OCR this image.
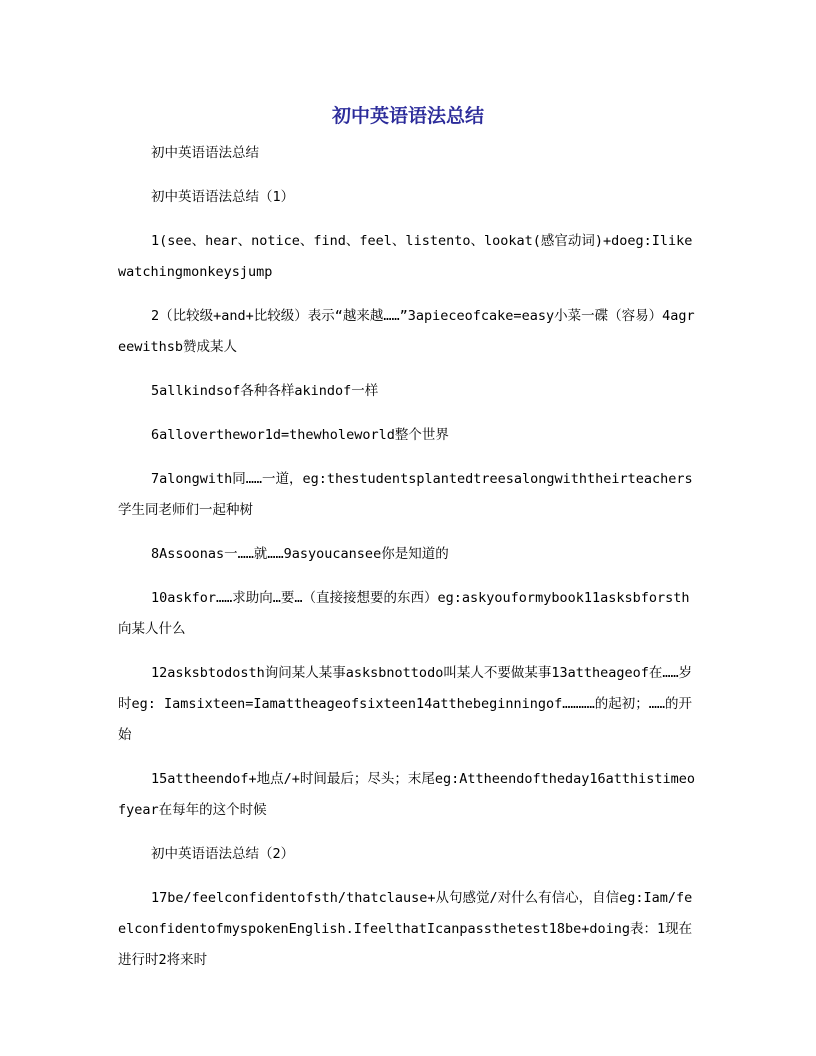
初中英语语法总结

初中英语语法总结

初中英语语法总结（1）

1(see、hear、notice、find、feel、listento、lookat(感官动词)+doeg:Ilikewatchingmonkeysjump

2（比较级+and+比较级）表示“越来越……”3apieceofcake=easy小菜一碟（容易）4agreewithsb赞成某人

5allkindsof各种各样akindof一样

6alloverthewor1d=thewholeworld整个世界

7alongwith同……一道，eg:thestudentsplantedtreesalongwiththeirteachers学生同老师们一起种树

8Assoonas一……就……9asyoucansee你是知道的

10askfor……求助向…要…（直接接想要的东西）eg:askyouformybook11asksbforsth向某人什么

12asksbtodosth询问某人某事asksbnottodo叫某人不要做某事13attheageof在……岁时eg: Iamsixteen=Iamattheageofsixteen14atthebeginningof…………的起初；……的开始

15attheendof+地点/+时间最后；尽头；末尾eg:Attheendoftheday16atthistimeofyear在每年的这个时候

初中英语语法总结（2）

17be/feelconfidentofsth/thatclause+从句感觉/对什么有信心，自信eg:Iam/feelconfidentofmyspokenEnglish.IfeelthatIcanpassthetest18be+doing表：1现在进行时2将来时
